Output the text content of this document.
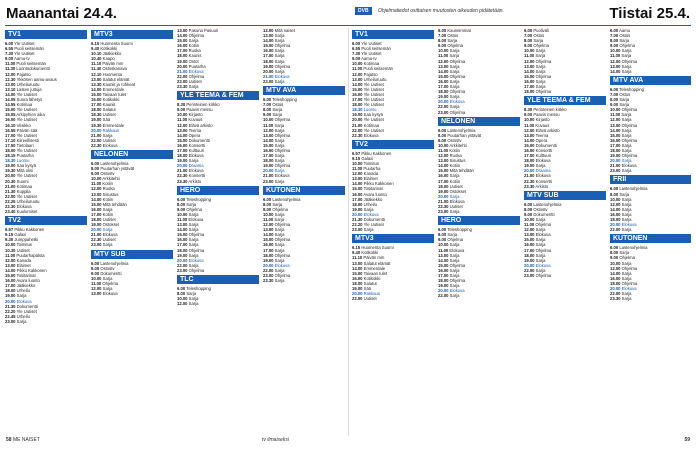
Maanantai 24.4.	DVB	Ohjelmatiedot osittaisen muutosten oikeuden pidätetään.	Tiistai 25.4.
TV1
6.00 Yle Uutiset
6.55 Puoli seitsemän
7.30 Yle Uutiset
9.00 Aamu-tv
11.00 Puoli seitsemän
11.30 Luontodokumentti
12.00 Pajatso
12.30 Ykkösen aamu-avaus
13.00 Urheiluruutu
13.10 Lasten juttuja
14.00 Yle Uutiset
14.05 Suora lähetys
14.55 Kotimaa
15.00 Yle Uutiset
15.05 Arkipyhien aika
16.00 Yle Uutiset
16.10 Viisikko
16.55 Päivän sää
17.00 Yle Uutiset
17.10 Kiireellisesti
17.50 Tietolaari
18.00 Yle Uutiset
18.15 Puutarha
18.30 Luomu
19.00 Saa kysyä
19.30 Mitä olisi
20.00 Yle Uutiset
20.30 Suomi
21.00 Kotimaa
21.30 Kuppila
22.00 Yle Uutiset
22.25 Urheiluruutu
22.30 Elokuva
23.40 Kuulumiset
TV2
6.57 Pikku Kakkonen
9.15 Galaxi
9.30 Jumppahetki
10.00 Toimitus
10.30 Uutiset
11.00 Puutarhapalsta
12.00 Kanada
13.00 Eläimet
14.00 Pikku Kakkonen
15.00 Tositarinat
16.00 Avara luonto
17.00 Jääkiekko
18.00 Urheilu
19.00 Sarja
20.00 Elokuva
21.30 Dokumentti
22.20 Yle Uutiset
22.45 Urheilu
23.00 Sarja
MTV3
6.15 Huomenta Suomi
9.40 Kotikokki
10.10 Jääkiekko
10.40 Kaapo
11.10 Päivän mm
11.40 Ostoskanava
12.10 Huomenta
13.00 Salatut elämät
13.30 Kauniit ja rohkeat
14.00 Emmerdale
15.00 Taivaan tulet
16.00 Kotikokki
17.00 Kauniit
18.00 Salatut
18.30 Uutiset
19.00 Sää
19.30 Emmerdale
20.00 Rakkaus
21.00 Sarja
22.00 Uutiset
22.30 Elokuva
NELONEN
6.00 Lastenohjelmia
8.00 Puutarhan ystävät
9.00 Ostostv
10.00 Arkkitehti
11.00 Kotiin
12.00 Ruoka
13.00 Sisustus
14.00 Kotiin
15.00 Mitä tehdään
16.00 Sarja
17.00 Kotiin
18.00 Uutiset
19.00 Ostokset
20.00 Sarja
21.00 Elokuva
22.30 Uutiset
23.00 Sarja
MTV SUB
6.00 Lastenohjelmia
8.00 Ostostv
9.00 Dokumentti
10.00 Sarja
11.00 Ohjelma
12.00 Sarja
13.00 Elokuva
13.00 Pasuna Pasuuri
14.00 Ohjelma
15.00 Sarja
16.00 Kotiin
17.00 Ruoka
18.00 Kaunis
19.00 Ostot
20.00 Puutarha
21.00 Elokuva
22.00 Ohjelma
23.00 Uutiset
23.30 Sarja
YLE TEEMA & FEM
8.30 Perinteinen kirkko
9.00 Paavin messu
10.00 Kirjasto
11.00 Kuvaus
12.00 Elävä arkisto
13.00 Teema
14.00 Opera
15.00 Dokumentti
16.00 Konsertti
17.00 Kulttuuri
18.00 Elokuva
19.00 Sarja
20.00 Draama
21.00 Elokuva
22.30 Konsertti
23.30 Arkisto
HERO
6.00 Teleshopping
8.00 Sarja
9.00 Ohjelma
10.00 Sarja
11.00 Elokuva
13.00 Sarja
14.00 Sarja
15.00 Ohjelma
16.00 Sarja
17.00 Sarja
18.00 Ohjelma
19.00 Sarja
20.00 Elokuva
22.00 Sarja
23.00 Ohjelma
TLC
6.00 Teleshopping
8.00 Sarja
10.00 Sarja
12.00 Sarja
12.00 Mitä naiset
13.00 Sarja
14.00 Sarja
15.00 Ohjelma
16.00 Sarja
17.00 Sarja
18.00 Sarja
19.00 Ohjelma
20.00 Sarja
21.00 Elokuva
23.00 Sarja
MTV AVA
6.00 Teleshopping
7.00 Ostos
8.00 Sarja
9.00 Sarja
10.00 Ohjelma
11.00 Sarja
12.00 Sarja
13.00 Ohjelma
14.00 Sarja
15.00 Sarja
16.00 Ohjelma
17.00 Sarja
18.00 Sarja
19.00 Ohjelma
20.00 Sarja
21.00 Elokuva
23.00 Sarja
KUTONEN
6.00 Lastenohjelmia
8.00 Sarja
9.00 Ohjelma
10.00 Sarja
11.00 Sarja
12.00 Ohjelma
13.00 Sarja
14.00 Sarja
15.00 Ohjelma
16.00 Sarja
17.00 Sarja
18.00 Ohjelma
19.00 Sarja
20.00 Elokuva
22.00 Sarja
23.00 Ohjelma
23.30 Sarja
TV1
6.00 Yle Uutiset
6.55 Puoli seitsemän
7.30 Yle Uutiset
9.00 Aamu-tv
10.00 Kotimaa
11.00 Puoli seitsemän
12.00 Pajatso
13.00 Urheiluruutu
14.00 Yle Uutiset
15.00 Yle Uutiset
16.00 Yle Uutiset
17.00 Yle Uutiset
18.00 Yle Uutiset
18.30 Luomu
19.00 Saa kysyä
20.00 Yle Uutiset
21.00 Kotimaa
22.00 Yle Uutiset
22.30 Elokuva
TV2
6.57 Pikku Kakkonen
9.15 Galaxi
10.00 Toimitus
11.00 Puutarha
12.00 Kanada
13.00 Eläimet
14.00 Pikku Kakkonen
15.00 Tositarinat
16.00 Avara luonto
17.00 Jääkiekko
18.00 Urheilu
19.00 Sarja
20.00 Elokuva
21.30 Dokumentti
22.20 Yle Uutiset
23.00 Sarja
MTV3
6.15 Huomenta Suomi
9.40 Kotikokki
11.10 Päivän mm
13.00 Salatut elämät
14.00 Emmerdale
15.00 Taivaan tulet
16.00 Kotikokki
18.00 Salatut
19.00 Sää
20.00 Rakkaus
22.00 Uutiset
6.00 Kauneimmat
7.00 Ostos
8.00 Sarja
9.00 Ohjelma
10.00 Sarja
11.00 Sarja
12.00 Ohjelma
13.00 Sarja
14.00 Sarja
15.00 Ohjelma
16.00 Sarja
17.00 Sarja
18.00 Ohjelma
19.00 Sarja
20.00 Elokuva
22.00 Sarja
23.00 Ohjelma
NELONEN
6.00 Lastenohjelmia
8.00 Puutarhan ystävät
9.00 Ostostv
10.00 Arkkitehti
11.00 Kotiin
12.00 Ruoka
13.00 Sisustus
14.00 Kotiin
15.00 Mitä tehdään
16.00 Sarja
17.00 Kotiin
18.00 Uutiset
19.00 Ostokset
20.00 Sarja
21.00 Elokuva
22.30 Uutiset
23.00 Sarja
HERO
6.00 Teleshopping
8.00 Sarja
9.00 Ohjelma
10.00 Sarja
11.00 Elokuva
13.00 Sarja
14.00 Sarja
15.00 Ohjelma
16.00 Sarja
17.00 Sarja
18.00 Ohjelma
19.00 Sarja
20.00 Elokuva
22.00 Sarja
6.00 Puoliväli
7.00 Ostos
8.00 Sarja
9.00 Ohjelma
10.00 Sarja
11.00 Sarja
12.00 Ohjelma
13.00 Sarja
14.00 Sarja
15.00 Ohjelma
16.00 Sarja
17.00 Sarja
18.00 Ohjelma
YLE TEEMA & FEM
8.30 Perinteinen kirkko
9.00 Paavin messu
10.00 Kirjasto
11.00 Kuvaus
12.00 Elävä arkisto
13.00 Teema
14.00 Opera
15.00 Dokumentti
16.00 Konsertti
17.00 Kulttuuri
18.00 Elokuva
19.00 Sarja
20.00 Draama
21.00 Elokuva
22.30 Konsertti
23.30 Arkisto
MTV SUB
6.00 Lastenohjelmia
8.00 Ostostv
9.00 Dokumentti
10.00 Sarja
11.00 Ohjelma
12.00 Sarja
13.00 Elokuva
15.00 Sarja
16.00 Sarja
17.00 Ohjelma
18.00 Sarja
19.00 Sarja
20.00 Elokuva
22.00 Sarja
23.00 Ohjelma
6.00 Aamu
7.00 Ostos
8.00 Sarja
9.00 Ohjelma
10.00 Sarja
11.00 Sarja
12.00 Ohjelma
13.00 Sarja
14.00 Sarja
MTV AVA
6.00 Teleshopping
7.00 Ostos
8.00 Sarja
9.00 Sarja
10.00 Ohjelma
11.00 Sarja
12.00 Sarja
13.00 Ohjelma
14.00 Sarja
15.00 Sarja
16.00 Ohjelma
17.00 Sarja
18.00 Sarja
19.00 Ohjelma
20.00 Sarja
21.00 Elokuva
23.00 Sarja
FRII
6.00 Lastenohjelmia
8.00 Sarja
10.00 Sarja
12.00 Sarja
14.00 Sarja
16.00 Sarja
18.00 Sarja
20.00 Elokuva
22.00 Sarja
KUTONEN
6.00 Lastenohjelmia
8.00 Sarja
9.00 Ohjelma
10.00 Sarja
12.00 Ohjelma
14.00 Sarja
16.00 Sarja
18.00 Ohjelma
20.00 Elokuva
22.00 Sarja
23.30 Sarja
58 ME NAISET	tv ilmaiseksi	59
